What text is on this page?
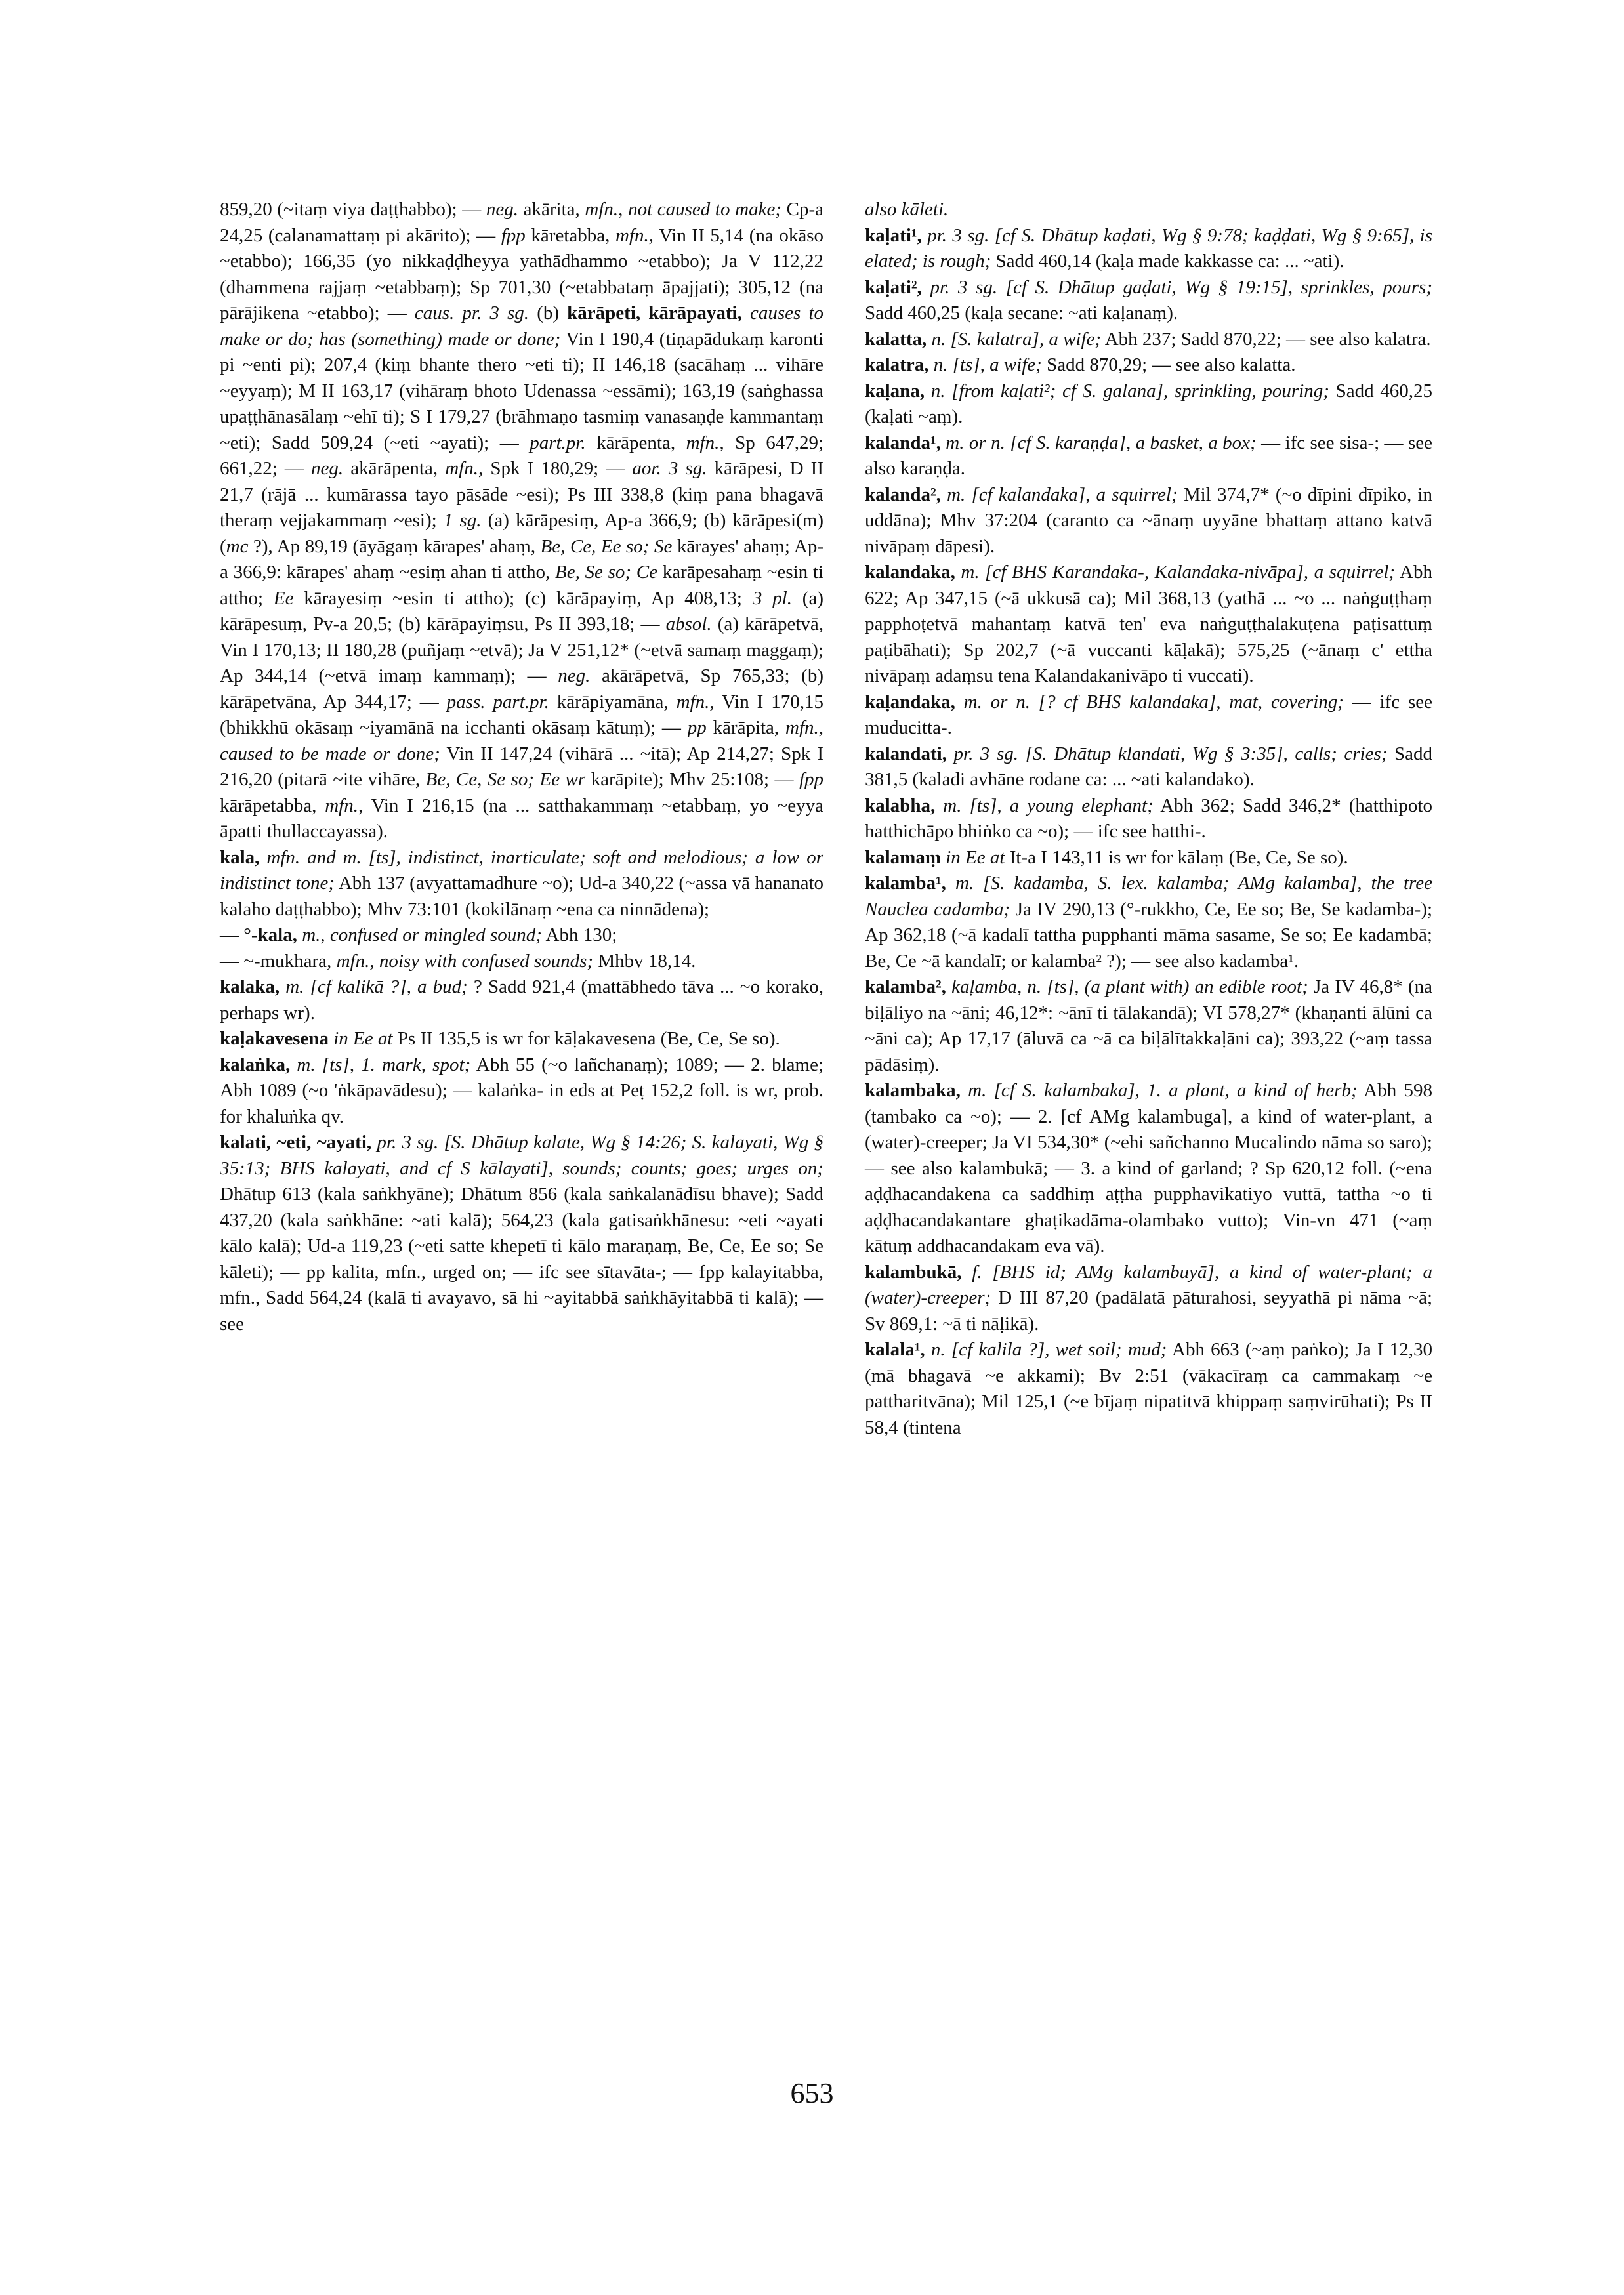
859,20 (~itaṃ viya daṭṭhabbo); — neg. akārita, mfn., not caused to make; Cp-a 24,25 (calanamattaṃ pi akārito); — fpp kāretabba, mfn., Vin II 5,14 (na okāso ~etabbo); 166,35 (yo nikkaḍḍheyya yathādhammo ~etabbo); Ja V 112,22 (dhammena rajjaṃ ~etabbaṃ); Sp 701,30 (~etabbataṃ āpajjati); 305,12 (na pārājikena ~etabbo); — caus. pr. 3 sg. (b) kārāpeti, kārāpayati, causes to make or do; has (something) made or done; Vin I 190,4 (tiṇapādukaṃ karonti pi ~enti pi); 207,4 (kiṃ bhante thero ~eti ti); II 146,18 (sacāhaṃ ... vihāre ~eyyaṃ); M II 163,17 (vihāraṃ bhoto Udenassa ~essāmi); 163,19 (saṅghassa upaṭṭhānasālaṃ ~ehī ti); S I 179,27 (brāhmaṇo tasmiṃ vanasaṇḍe kammantaṃ ~eti); Sadd 509,24 (~eti ~ayati); — part.pr. kārāpenta, mfn., Sp 647,29; 661,22; — neg. akārāpenta, mfn., Spk I 180,29; — aor. 3 sg. kārāpesi, D II 21,7 (rājā ... kumārassa tayo pāsāde ~esi); Ps III 338,8 (kiṃ pana bhagavā theraṃ vejjakammaṃ ~esi); 1 sg. (a) kārāpesiṃ, Ap-a 366,9; (b) kārāpesi(m) (mc ?), Ap 89,19 (āyāgaṃ kārapes' ahaṃ, Be, Ce, Ee so; Se kārayes' ahaṃ; Ap-a 366,9: kārapes' ahaṃ ~esiṃ ahan ti attho, Be, Se so; Ce karāpesahaṃ ~esin ti attho; Ee kārayesiṃ ~esin ti attho); (c) kārāpayiṃ, Ap 408,13; 3 pl. (a) kārāpesuṃ, Pv-a 20,5; (b) kārāpayiṃsu, Ps II 393,18; — absol. (a) kārāpetvā, Vin I 170,13; II 180,28 (puñjaṃ ~etvā); Ja V 251,12* (~etvā samaṃ maggaṃ); Ap 344,14 (~etvā imaṃ kammaṃ); — neg. akārāpetvā, Sp 765,33; (b) kārāpetvāna, Ap 344,17; — pass. part.pr. kārāpiyamāna, mfn., Vin I 170,15 (bhikkhū okāsaṃ ~iyamānā na icchanti okāsaṃ kātuṃ); — pp kārāpita, mfn., caused to be made or done; Vin II 147,24 (vihārā ... ~itā); Ap 214,27; Spk I 216,20 (pitarā ~ite vihāre, Be, Ce, Se so; Ee wr karāpite); Mhv 25:108; — fpp kārāpetabba, mfn., Vin I 216,15 (na ... satthakammaṃ ~etabbaṃ, yo ~eyya āpatti thullaccayassa).

kala, mfn. and m. [ts], indistinct, inarticulate; soft and melodious; a low or indistinct tone; Abh 137 (avyattamadhure ~o); Ud-a 340,22 (~assa vā hananato kalaho daṭṭhabbo); Mhv 73:101 (kokilānaṃ ~ena ca ninnādena);

— °-kala, m., confused or mingled sound; Abh 130;

— ~-mukhara, mfn., noisy with confused sounds; Mhbv 18,14.

kalaka, m. [cf kalikā ?], a bud; ? Sadd 921,4 (mattābhedo tāva ... ~o korako, perhaps wr).

kaḷakavesena in Ee at Ps II 135,5 is wr for kāḷakavesena (Be, Ce, Se so).

kalaṅka, m. [ts], 1. mark, spot; Abh 55 (~o lañchanaṃ); 1089; — 2. blame; Abh 1089 (~o 'ṅkāpavādesu); — kalaṅka- in eds at Peṭ 152,2 foll. is wr, prob. for khaluṅka qv.

kalati, ~eti, ~ayati, pr. 3 sg. [S. Dhātup kalate, Wg § 14:26; S. kalayati, Wg § 35:13; BHS kalayati, and cf S kālayati], sounds; counts; goes; urges on; Dhātup 613 (kala saṅkhyāne); Dhātum 856 (kala saṅkalanādīsu bhave); Sadd 437,20 (kala saṅkhāne: ~ati kalā); 564,23 (kala gatisaṅkhānesu: ~eti ~ayati kālo kalā); Ud-a 119,23 (~eti satte khepetī ti kālo maraṇaṃ, Be, Ce, Ee so; Se kāleti); — pp kalita, mfn., urged on; — ifc see sītavāta-; — fpp kalayitabba, mfn., Sadd 564,24 (kalā ti avayavo, sā hi ~ayitabbā saṅkhāyitabbā ti kalā); — see

also kāleti.

kaḷati¹, pr. 3 sg. [cf S. Dhātup kaḍati, Wg § 9:78; kaḍḍati, Wg § 9:65], is elated; is rough; Sadd 460,14 (kaḷa made kakkasse ca: ... ~ati).

kaḷati², pr. 3 sg. [cf S. Dhātup gaḍati, Wg § 19:15], sprinkles, pours; Sadd 460,25 (kaḷa secane: ~ati kaḷanaṃ).

kalatta, n. [S. kalatra], a wife; Abh 237; Sadd 870,22; — see also kalatra.

kalatra, n. [ts], a wife; Sadd 870,29; — see also kalatta.

kaḷana, n. [from kaḷati²; cf S. galana], sprinkling, pouring; Sadd 460,25 (kaḷati ~aṃ).

kalanda¹, m. or n. [cf S. karaṇḍa], a basket, a box; — ifc see sisa-; — see also karaṇḍa.

kalanda², m. [cf kalandaka], a squirrel; Mil 374,7* (~o dīpini dīpiko, in uddāna); Mhv 37:204 (caranto ca ~ānaṃ uyyāne bhattaṃ attano katvā nivāpaṃ dāpesi).

kalandaka, m. [cf BHS Karandaka-, Kalandaka-nivāpa], a squirrel; Abh 622; Ap 347,15 (~ā ukkusā ca); Mil 368,13 (yathā ... ~o ... naṅguṭṭhaṃ papphoṭetvā mahantaṃ katvā ten' eva naṅguṭṭhalakuṭena paṭisattuṃ paṭibāhati); Sp 202,7 (~ā vuccanti kāḷakā); 575,25 (~ānaṃ c' ettha nivāpaṃ adaṃsu tena Kalandakanivāpo ti vuccati).

kaḷandaka, m. or n. [? cf BHS kalandaka], mat, covering; — ifc see muducitta-.

kalandati, pr. 3 sg. [S. Dhātup klandati, Wg § 3:35], calls; cries; Sadd 381,5 (kaladi avhāne rodane ca: ... ~ati kalandako).

kalabha, m. [ts], a young elephant; Abh 362; Sadd 346,2* (hatthipoto hatthichāpo bhiṅko ca ~o); — ifc see hatthi-.

kalamaṃ in Ee at It-a I 143,11 is wr for kālaṃ (Be, Ce, Se so).

kalamba¹, m. [S. kadamba, S. lex. kalamba; AMg kalamba], the tree Nauclea cadamba; Ja IV 290,13 (°-rukkho, Ce, Ee so; Be, Se kadamba-); Ap 362,18 (~ā kadalī tattha pupphanti māma sasame, Se so; Ee kadambā; Be, Ce ~ā kandalī; or kalamba² ?); — see also kadamba¹.

kalamba², kaḷamba, n. [ts], (a plant with) an edible root; Ja IV 46,8* (na biḷāliyo na ~āni; 46,12*: ~ānī ti tālakandā); VI 578,27* (khaṇanti ālūni ca ~āni ca); Ap 17,17 (āluvā ca ~ā ca biḷālītakkaḷāni ca); 393,22 (~aṃ tassa pādāsiṃ).

kalambaka, m. [cf S. kalambaka], 1. a plant, a kind of herb; Abh 598 (tambako ca ~o); — 2. [cf AMg kalambuga], a kind of water-plant, a (water)-creeper; Ja VI 534,30* (~ehi sañchanno Mucalindo nāma so saro); — see also kalambukā; — 3. a kind of garland; ? Sp 620,12 foll. (~ena aḍḍhacandakena ca saddhiṃ aṭṭha pupphavikatiyo vuttā, tattha ~o ti aḍḍhacandakantare ghaṭikadāma-olambako vutto); Vin-vn 471 (~aṃ kātuṃ addhacandakam eva vā).

kalambukā, f. [BHS id; AMg kalambuyā], a kind of water-plant; a (water)-creeper; D III 87,20 (padālatā pāturahosi, seyyathā pi nāma ~ā; Sv 869,1: ~ā ti nāḷikā).

kalala¹, n. [cf kalila ?], wet soil; mud; Abh 663 (~aṃ paṅko); Ja I 12,30 (mā bhagavā ~e akkami); Bv 2:51 (vākacīraṃ ca cammakaṃ ~e pattharitvāna); Mil 125,1 (~e bījaṃ nipatitvā khippaṃ saṃvirūhati); Ps II 58,4 (tintena

653
